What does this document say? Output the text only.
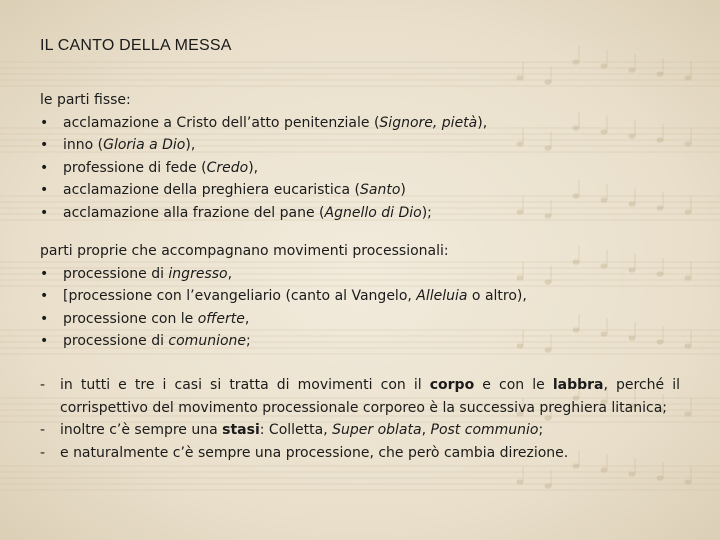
IL CANTO DELLA MESSA
le parti fisse:
• acclamazione a Cristo dell’atto penitenziale (Signore, pietà),
• inno (Gloria a Dio),
• professione di fede (Credo),
• acclamazione della preghiera eucaristica (Santo)
• acclamazione alla frazione del pane (Agnello di Dio);
parti proprie che accompagnano movimenti processionali:
• processione di ingresso,
• [processione con l’evangeliario (canto al Vangelo, Alleluia o altro),
• processione con le offerte,
• processione di comunione;
- in tutti e tre i casi si tratta di movimenti con il corpo e con le labbra, perché il corrispettivo del movimento processionale corporeo è la successiva preghiera litanica;
- inoltre c’è sempre una stasi: Colletta, Super oblata, Post communio;
- e naturalmente c’è sempre una processione, che però cambia direzione.
